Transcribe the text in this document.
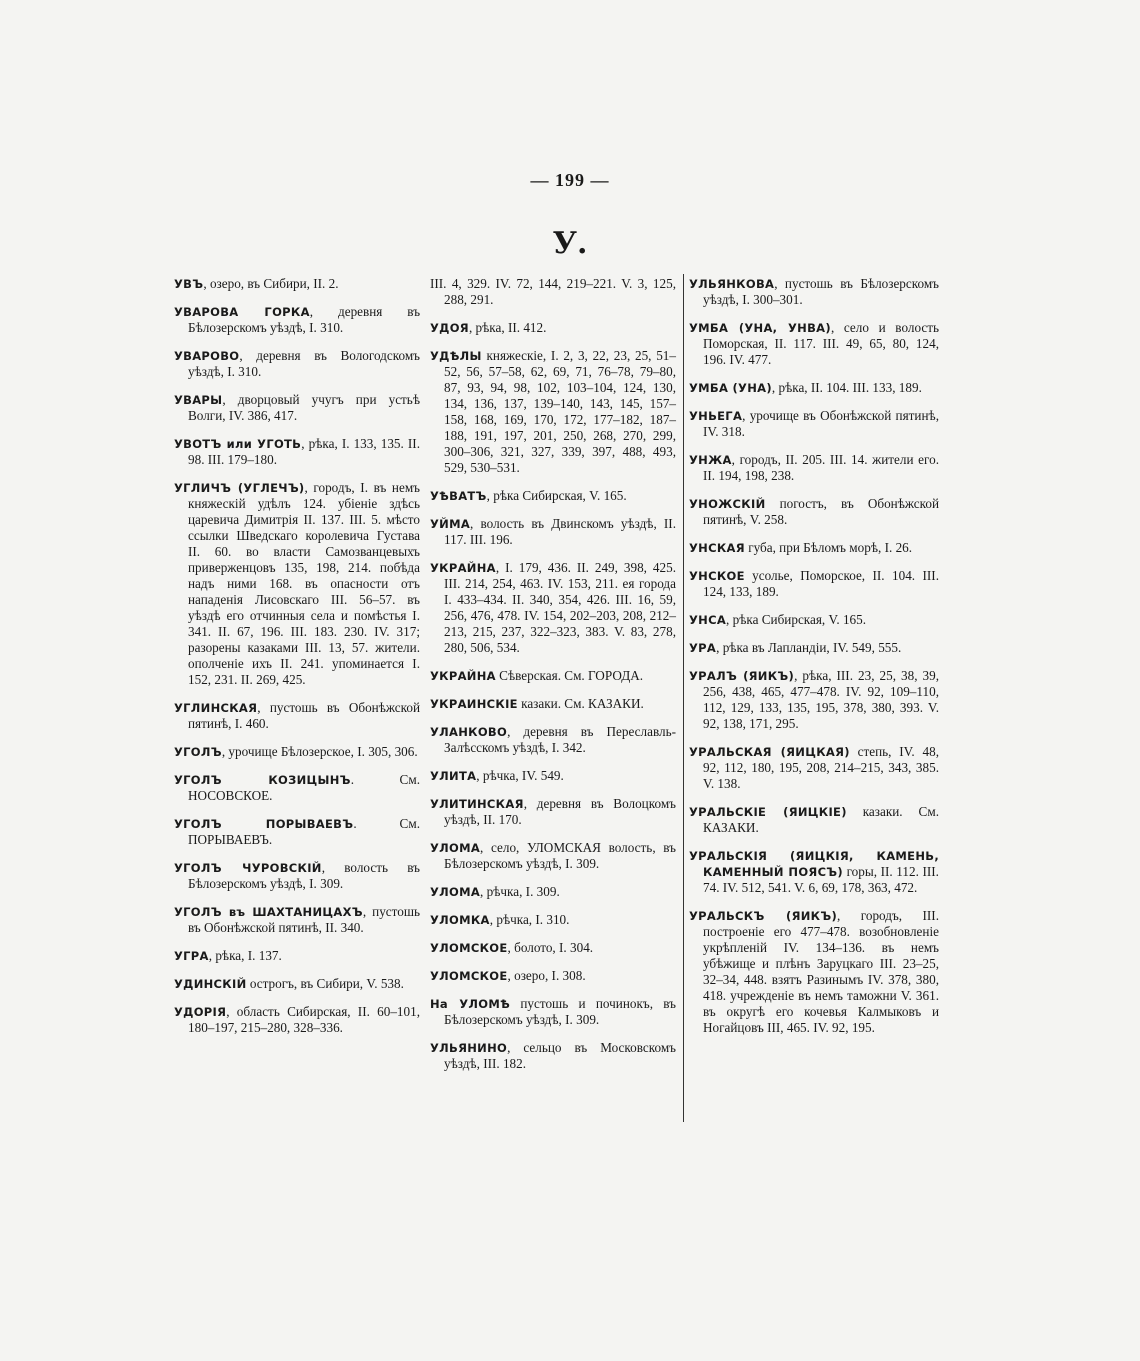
— 199 —
У.
УВЪ, озеро, въ Сибири, II. 2.
УВАРОВА ГОРКА, деревня въ Бѣлозерскомъ уѣздѣ, I. 310.
УВАРОВО, деревня въ Вологодскомъ уѣздѣ, I. 310.
УВАРЫ, дворцовый учугъ при устьѣ Волги, IV. 386, 417.
УВОТЪ или УГОТЬ, рѣка, I. 133, 135. II. 98. III. 179–180.
УГЛИЧЪ (УГЛЕЧЪ), городъ, I. въ немъ княжескій удѣлъ 124. убіеніе здѣсь царевича Димитрія II. 137. III. 5. мѣсто ссылки Шведскаго королевича Густава II. 60. во власти Самозванцевыхъ приверженцовъ 135, 198, 214. побѣда надъ ними 168. въ опасности отъ нападенія Лисовскаго III. 56–57. въ уѣздѣ его отчинныя села и помѣстья I. 341. II. 67, 196. III. 183. 230. IV. 317; разорены казаками III. 13, 57. жители. ополченіе ихъ II. 241. упоминается I. 152, 231. II. 269, 425.
УГЛИНСКАЯ, пустошь въ Обонѣжской пятинѣ, I. 460.
УГОЛЪ, урочище Бѣлозерское, I. 305, 306.
УГОЛЪ КОЗИЦЫНЪ. См. НОСОВСКОЕ.
УГОЛЪ ПОРЫВАЕВЪ. См. ПОРЫВАЕВЪ.
УГОЛЪ ЧУРОВСКІЙ, волость въ Бѣлозерскомъ уѣздѣ, I. 309.
УГОЛЪ въ ШАХТАНИЦАХЪ, пустошь въ Обонѣжской пятинѣ, II. 340.
УГРА, рѣка, I. 137.
УДИНСКІЙ острогъ, въ Сибири, V. 538.
УДОРІЯ, область Сибирская, II. 60–101, 180–197, 215–280, 328–336.
III. 4, 329. IV. 72, 144, 219–221. V. 3, 125, 288, 291.
УДОЯ, рѣка, II. 412.
УДѢЛЫ княжескіе, I. 2, 3, 22, 23, 25, 51–52, 56, 57–58, 62, 69, 71, 76–78, 79–80, 87, 93, 94, 98, 102, 103–104, 124, 130, 134, 136, 137, 139–140, 143, 145, 157–158, 168, 169, 170, 172, 177–182, 187–188, 191, 197, 201, 250, 268, 270, 299, 300–306, 321, 327, 339, 397, 488, 493, 529, 530–531.
УѢВАТЪ, рѣка Сибирская, V. 165.
УЙМА, волость въ Двинскомъ уѣздѣ, II. 117. III. 196.
УКРАЙНА, I. 179, 436. II. 249, 398, 425. III. 214, 254, 463. IV. 153, 211. ея города I. 433–434. II. 340, 354, 426. III. 16, 59, 256, 476, 478. IV. 154, 202–203, 208, 212–213, 215, 237, 322–323, 383. V. 83, 278, 280, 506, 534.
УКРАЙНА Сѣверская. См. ГОРОДА.
УКРАИНСКІЕ казаки. См. КАЗАКИ.
УЛАНКОВО, деревня въ Переславль-Залѣсскомъ уѣздѣ, I. 342.
УЛИТА, рѣчка, IV. 549.
УЛИТИНСКАЯ, деревня въ Волоцкомъ уѣздѣ, II. 170.
УЛОМА, село, УЛОМСКАЯ волость, въ Бѣлозерскомъ уѣздѣ, I. 309.
УЛОМА, рѣчка, I. 309.
УЛОМКА, рѣчка, I. 310.
УЛОМСКОЕ, болото, I. 304.
УЛОМСКОЕ, озеро, I. 308.
На УЛОМѢ пустошь и починокъ, въ Бѣлозерскомъ уѣздѣ, I. 309.
УЛЬЯНИНО, сельцо въ Московскомъ уѣздѣ, III. 182.
УЛЬЯНКОВА, пустошь въ Бѣлозерскомъ уѣздѣ, I. 300–301.
УМБА (УНА, УНВА), село и волость Поморская, II. 117. III. 49, 65, 80, 124, 196. IV. 477.
УМБА (УНА), рѣка, II. 104. III. 133, 189.
УНЬЕГА, урочище въ Обонѣжской пятинѣ, IV. 318.
УНЖА, городъ, II. 205. III. 14. жители его. II. 194, 198, 238.
УНОЖСКІЙ погостъ, въ Обонѣжской пятинѣ, V. 258.
УНСКАЯ губа, при Бѣломъ морѣ, I. 26.
УНСКОЕ усолье, Поморское, II. 104. III. 124, 133, 189.
УНСА, рѣка Сибирская, V. 165.
УРА, рѣка въ Лапландіи, IV. 549, 555.
УРАЛЪ (ЯИКЪ), рѣка, III. 23, 25, 38, 39, 256, 438, 465, 477–478. IV. 92, 109–110, 112, 129, 133, 135, 195, 378, 380, 393. V. 92, 138, 171, 295.
УРАЛЬСКАЯ (ЯИЦКАЯ) степь, IV. 48, 92, 112, 180, 195, 208, 214–215, 343, 385. V. 138.
УРАЛЬСКІЕ (ЯИЦКІЕ) казаки. См. КАЗАКИ.
УРАЛЬСКІЯ (ЯИЦКІЯ, КАМЕНЬ, КАМЕННЫЙ ПОЯСЪ) горы, II. 112. III. 74. IV. 512, 541. V. 6, 69, 178, 363, 472.
УРАЛЬСКЪ (ЯИКЪ), городъ, III. построеніе его 477–478. возобновленіе укрѣпленій IV. 134–136. въ немъ убѣжище и плѣнъ Заруцкаго III. 23–25, 32–34, 448. взятъ Разинымъ IV. 378, 380, 418. учрежденіе въ немъ таможни V. 361. въ округѣ его кочевья Калмыковъ и Ногайцовъ III, 465. IV. 92, 195.
